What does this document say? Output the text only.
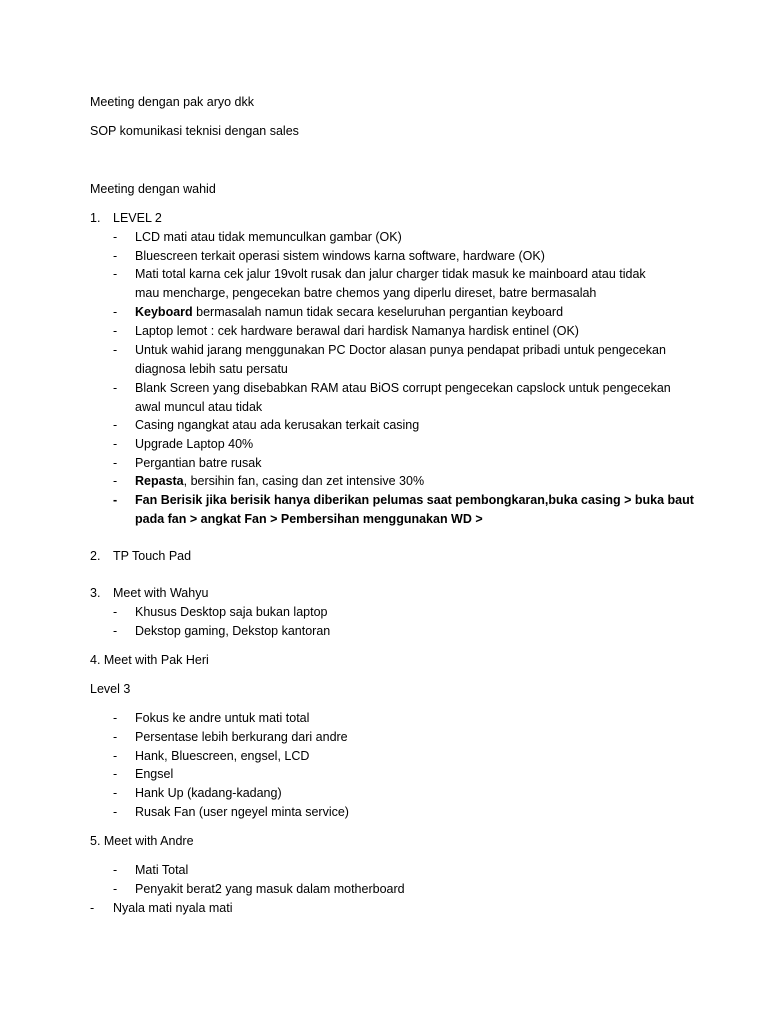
Meeting dengan pak aryo dkk
SOP komunikasi teknisi dengan sales
Meeting dengan wahid
1. LEVEL 2
- LCD mati atau tidak memunculkan gambar (OK)
- Bluescreen terkait operasi sistem windows karna software, hardware (OK)
- Mati total karna cek jalur 19volt rusak dan jalur charger tidak masuk ke mainboard atau tidak
mau mencharge, pengecekan batre chemos yang diperlu direset, batre bermasalah
- Keyboard bermasalah namun tidak secara keseluruhan pergantian keyboard
- Laptop lemot : cek hardware berawal dari hardisk Namanya hardisk entinel (OK)
- Untuk wahid jarang menggunakan PC Doctor alasan punya pendapat pribadi untuk pengecekan
diagnosa lebih satu persatu
- Blank Screen yang disebabkan RAM atau BiOS corrupt pengecekan capslock untuk pengecekan
awal muncul atau tidak
- Casing ngangkat atau ada kerusakan terkait casing
- Upgrade Laptop 40%
- Pergantian batre rusak
- Repasta, bersihin fan, casing dan zet intensive 30%
- Fan Berisik jika berisik hanya diberikan pelumas saat pembongkaran,buka casing > buka baut
pada fan > angkat Fan > Pembersihan menggunakan WD >
2. TP Touch Pad
3. Meet with Wahyu
- Khusus Desktop saja bukan laptop
- Dekstop gaming, Dekstop kantoran
4. Meet with Pak Heri
Level 3
- Fokus ke andre untuk mati total
- Persentase lebih berkurang dari andre
- Hank, Bluescreen, engsel, LCD
- Engsel
- Hank Up (kadang-kadang)
- Rusak Fan (user ngeyel minta service)
5. Meet with Andre
- Mati Total
- Penyakit berat2 yang masuk dalam motherboard
- Nyala mati nyala mati
